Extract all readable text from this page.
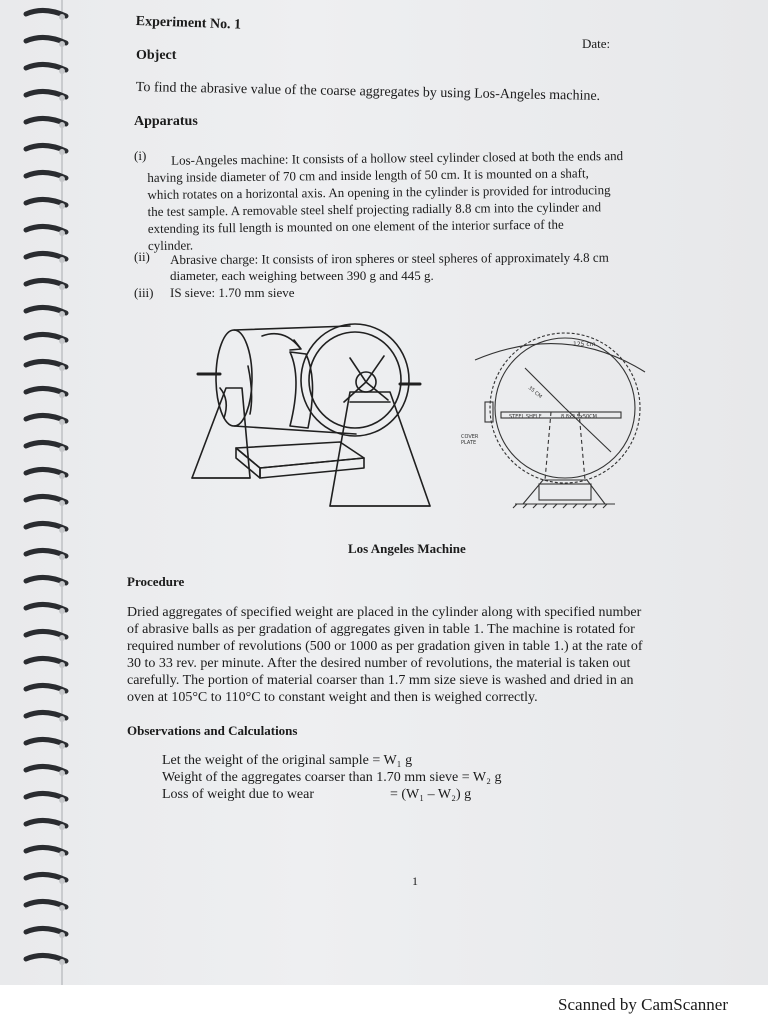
Experiment No. 1
Date:
Object
To find the abrasive value of the coarse aggregates by using Los-Angeles machine.
Apparatus
(i)	Los-Angeles machine: It consists of a hollow steel cylinder closed at both the ends and
having inside diameter of 70 cm and inside length of 50 cm. It is mounted on a shaft,
which rotates on a horizontal axis. An opening in the cylinder is provided for introducing
the test sample. A removable steel shelf projecting radially 8.8 cm into the cylinder and
extending its full length is mounted on one element of the interior surface of the
cylinder.
(ii) Abrasive charge: It consists of iron spheres or steel spheres of approximately 4.8 cm
diameter, each weighing between 390 g and 445 g.
(iii) IS sieve: 1.70 mm sieve
125 cm
35 CM
STEEL SHELF	8.8x2.5x50CM
COVER
PLATE
Los Angeles Machine
Procedure
Dried aggregates of specified weight are placed in the cylinder along with specified number
of abrasive balls as per gradation of aggregates given in table 1. The machine is rotated for
required number of revolutions (500 or 1000 as per gradation given in table 1.) at the rate of
30 to 33 rev. per minute. After the desired number of revolutions, the material is taken out
carefully. The portion of material coarser than 1.7 mm size sieve is washed and dried in an
oven at 105°C to 110°C to constant weight and then is weighed correctly.
Observations and Calculations
Let the weight of the original sample = W₁ g
Weight of the aggregates coarser than 1.70 mm sieve = W₂ g
Loss of weight due to wear	= (W₁ – W₂) g
1
Scanned by CamScanner
